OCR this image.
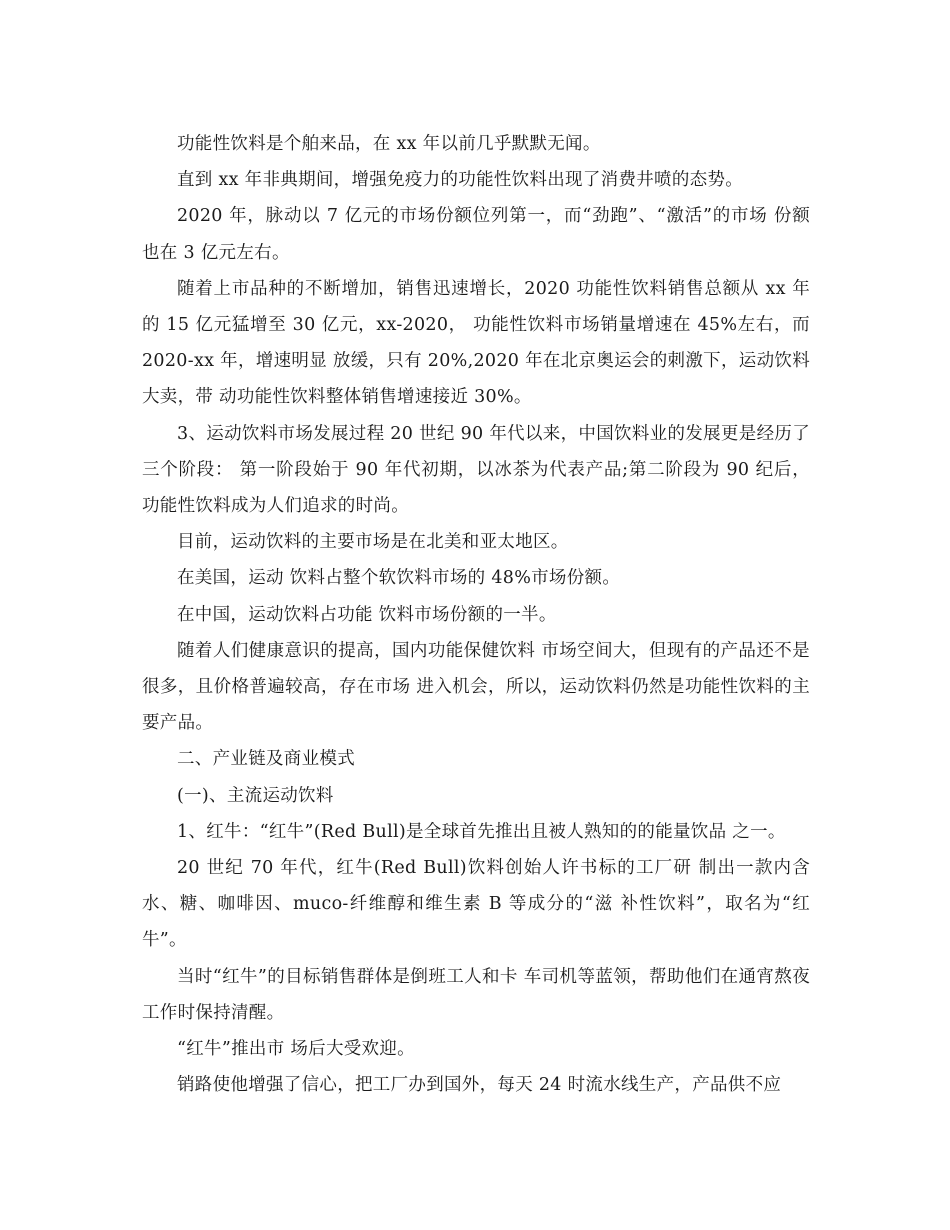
功能性饮料是个舶来品，在 xx 年以前几乎默默无闻。

直到 xx 年非典期间，增强免疫力的功能性饮料出现了消费井喷的态势。

2020 年，脉动以 7 亿元的市场份额位列第一，而“劲跑”、“激活”的市场 份额也在 3 亿元左右。

随着上市品种的不断增加，销售迅速增长，2020 功能性饮料销售总额从 xx 年的 15 亿元猛增至 30 亿元，xx-2020， 功能性饮料市场销量增速在 45%左右，而 2020-xx 年，增速明显 放缓，只有 20%,2020 年在北京奥运会的刺激下，运动饮料大卖，带 动功能性饮料整体销售增速接近 30%。

3、运动饮料市场发展过程 20 世纪 90 年代以来，中国饮料业的发展更是经历了三个阶段： 第一阶段始于 90 年代初期，以冰茶为代表产品;第二阶段为 90 纪后，功能性饮料成为人们追求的时尚。

目前，运动饮料的主要市场是在北美和亚太地区。

在美国，运动 饮料占整个软饮料市场的 48%市场份额。

在中国，运动饮料占功能 饮料市场份额的一半。

随着人们健康意识的提高，国内功能保健饮料 市场空间大，但现有的产品还不是很多，且价格普遍较高，存在市场 进入机会，所以，运动饮料仍然是功能性饮料的主要产品。

二、产业链及商业模式

(一)、主流运动饮料

1、红牛：“红牛”(Red Bull)是全球首先推出且被人熟知的的能量饮品 之一。

20 世纪 70 年代，红牛(Red Bull)饮料创始人许书标的工厂研 制出一款内含水、糖、咖啡因、muco-纤维醇和维生素 B 等成分的“滋 补性饮料”，取名为“红牛”。

当时“红牛”的目标销售群体是倒班工人和卡 车司机等蓝领，帮助他们在通宵熬夜工作时保持清醒。

“红牛”推出市 场后大受欢迎。

销路使他增强了信心，把工厂办到国外，每天 24 时流水线生产，产品供不应
